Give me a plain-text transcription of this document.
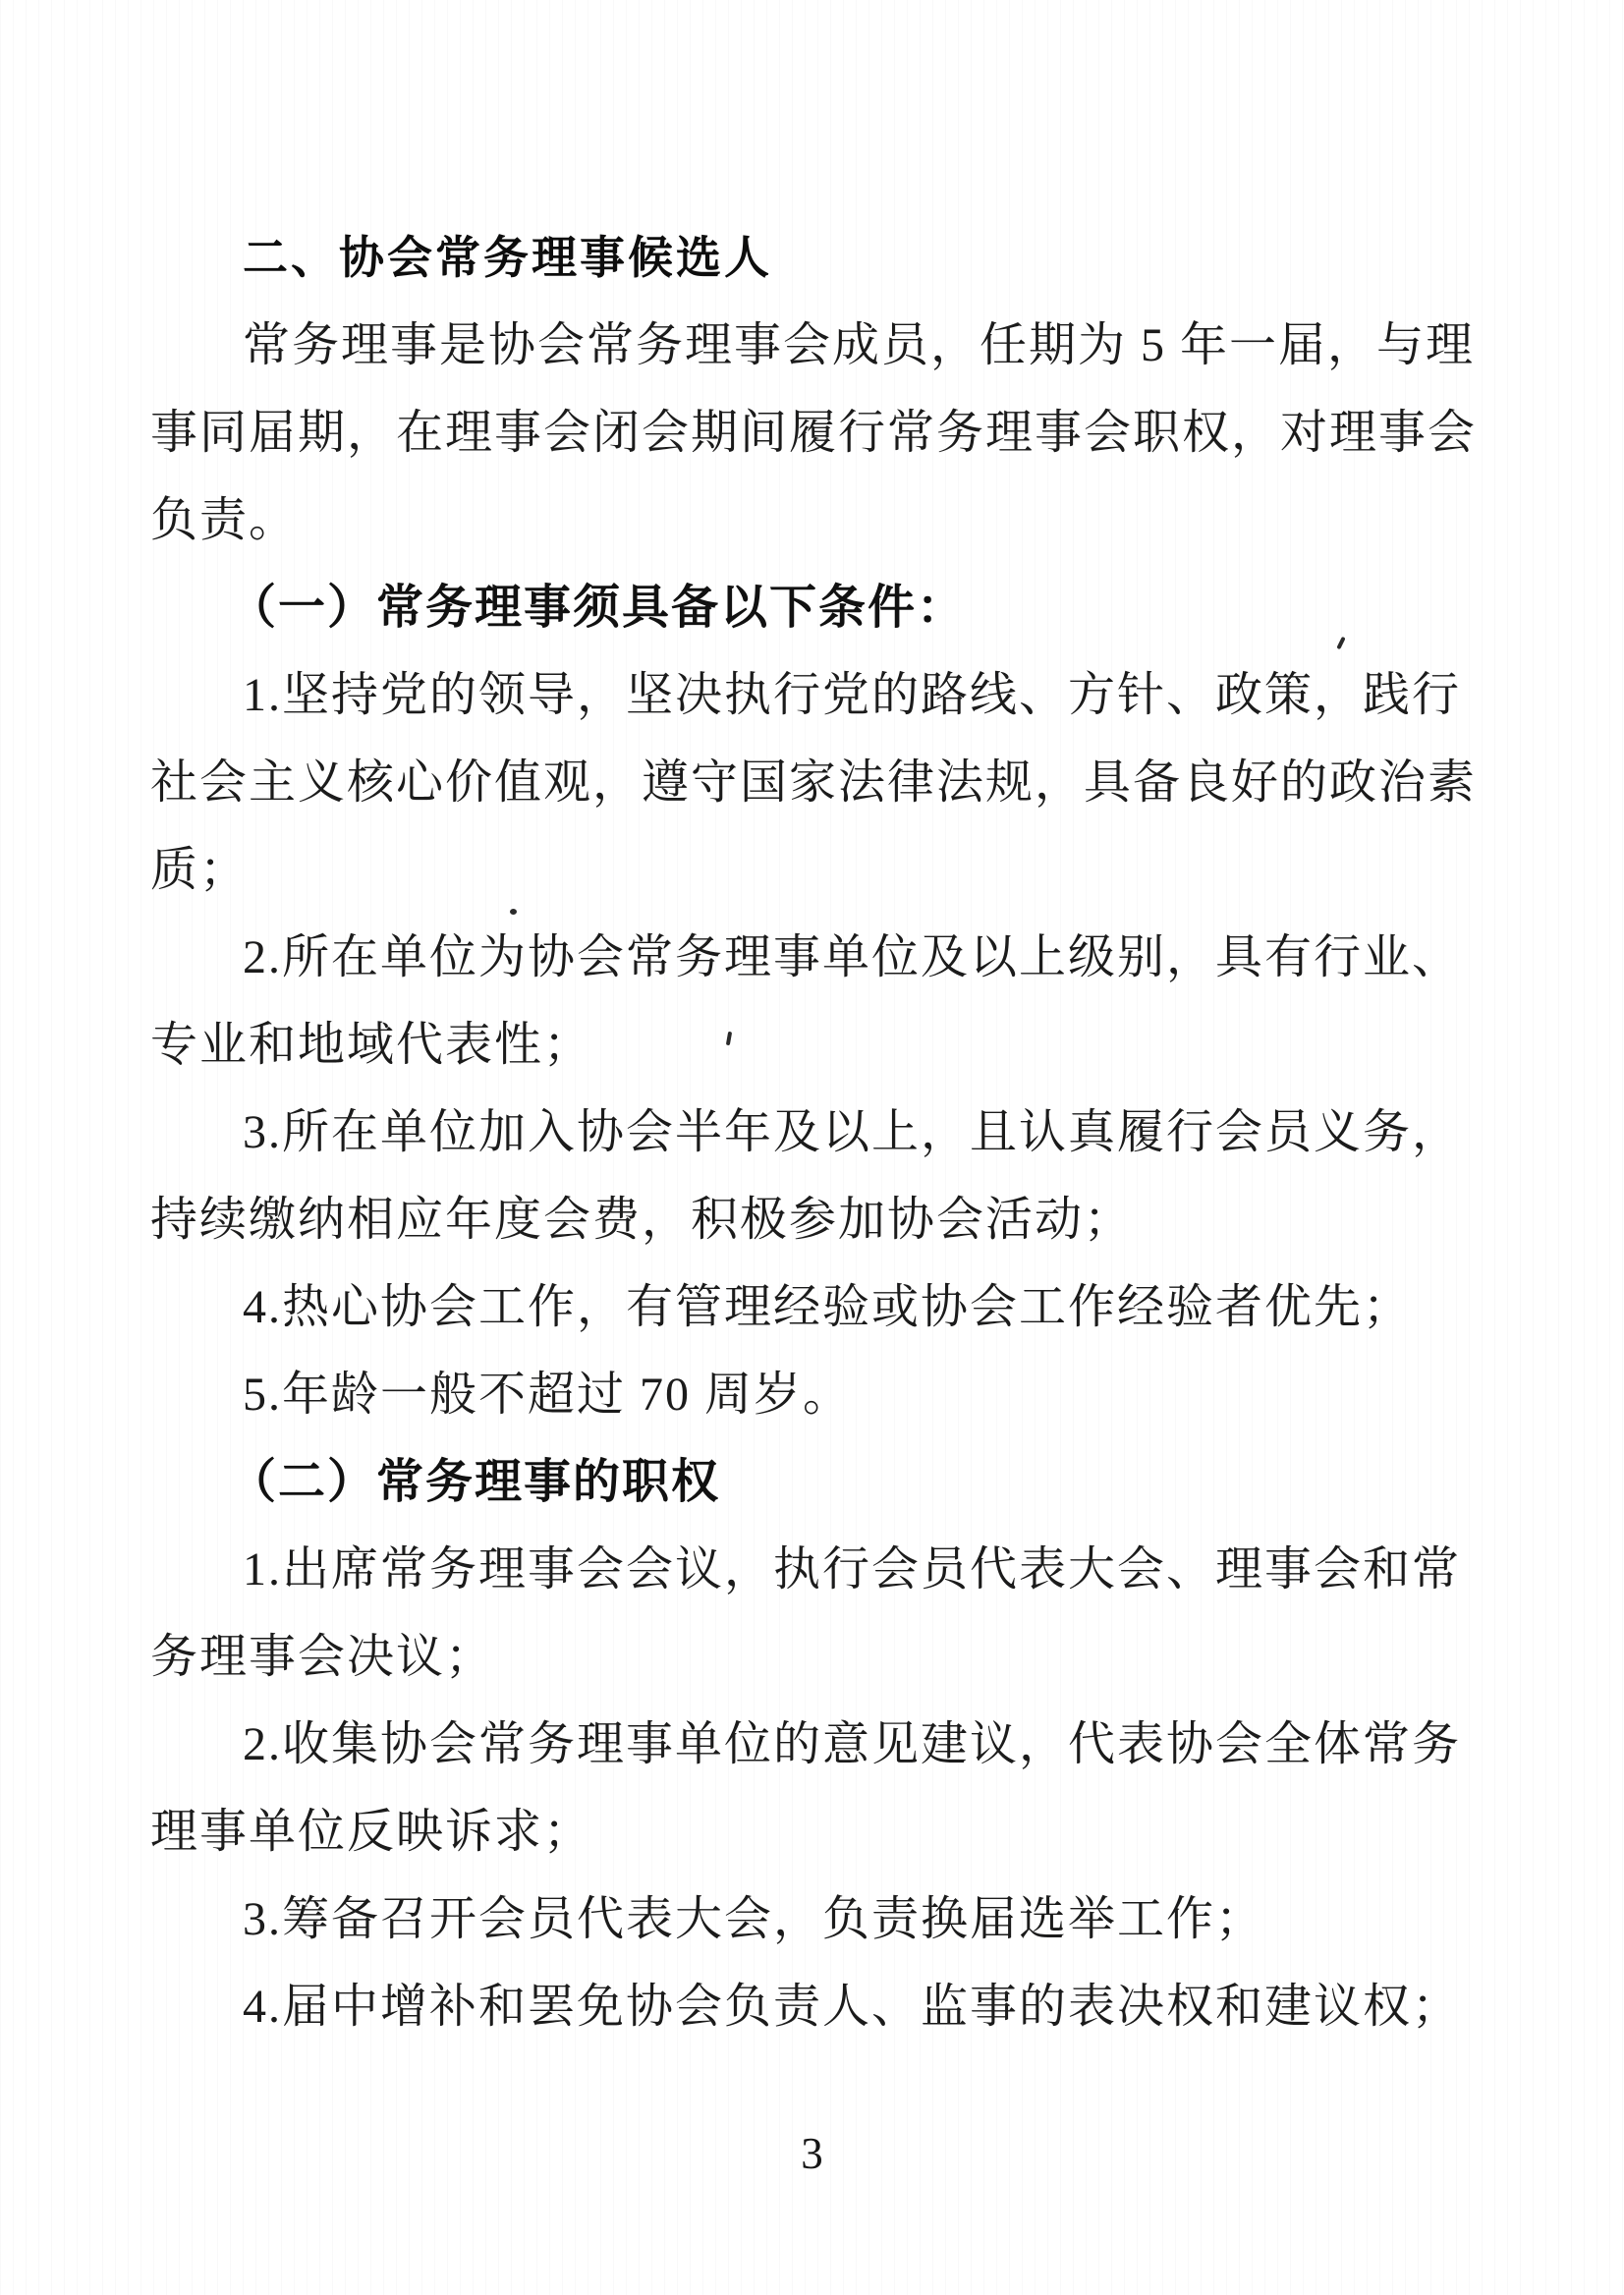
二、协会常务理事候选人
常务理事是协会常务理事会成员，任期为 5 年一届，与理
事同届期，在理事会闭会期间履行常务理事会职权，对理事会
负责。
（一）常务理事须具备以下条件：
1.坚持党的领导，坚决执行党的路线、方针、政策，践行
社会主义核心价值观，遵守国家法律法规，具备良好的政治素
质；
2.所在单位为协会常务理事单位及以上级别，具有行业、
专业和地域代表性；
3.所在单位加入协会半年及以上，且认真履行会员义务，
持续缴纳相应年度会费，积极参加协会活动；
4.热心协会工作，有管理经验或协会工作经验者优先；
5.年龄一般不超过 70 周岁。
（二）常务理事的职权
1.出席常务理事会会议，执行会员代表大会、理事会和常
务理事会决议；
2.收集协会常务理事单位的意见建议，代表协会全体常务
理事单位反映诉求；
3.筹备召开会员代表大会，负责换届选举工作；
4.届中增补和罢免协会负责人、监事的表决权和建议权；
3
